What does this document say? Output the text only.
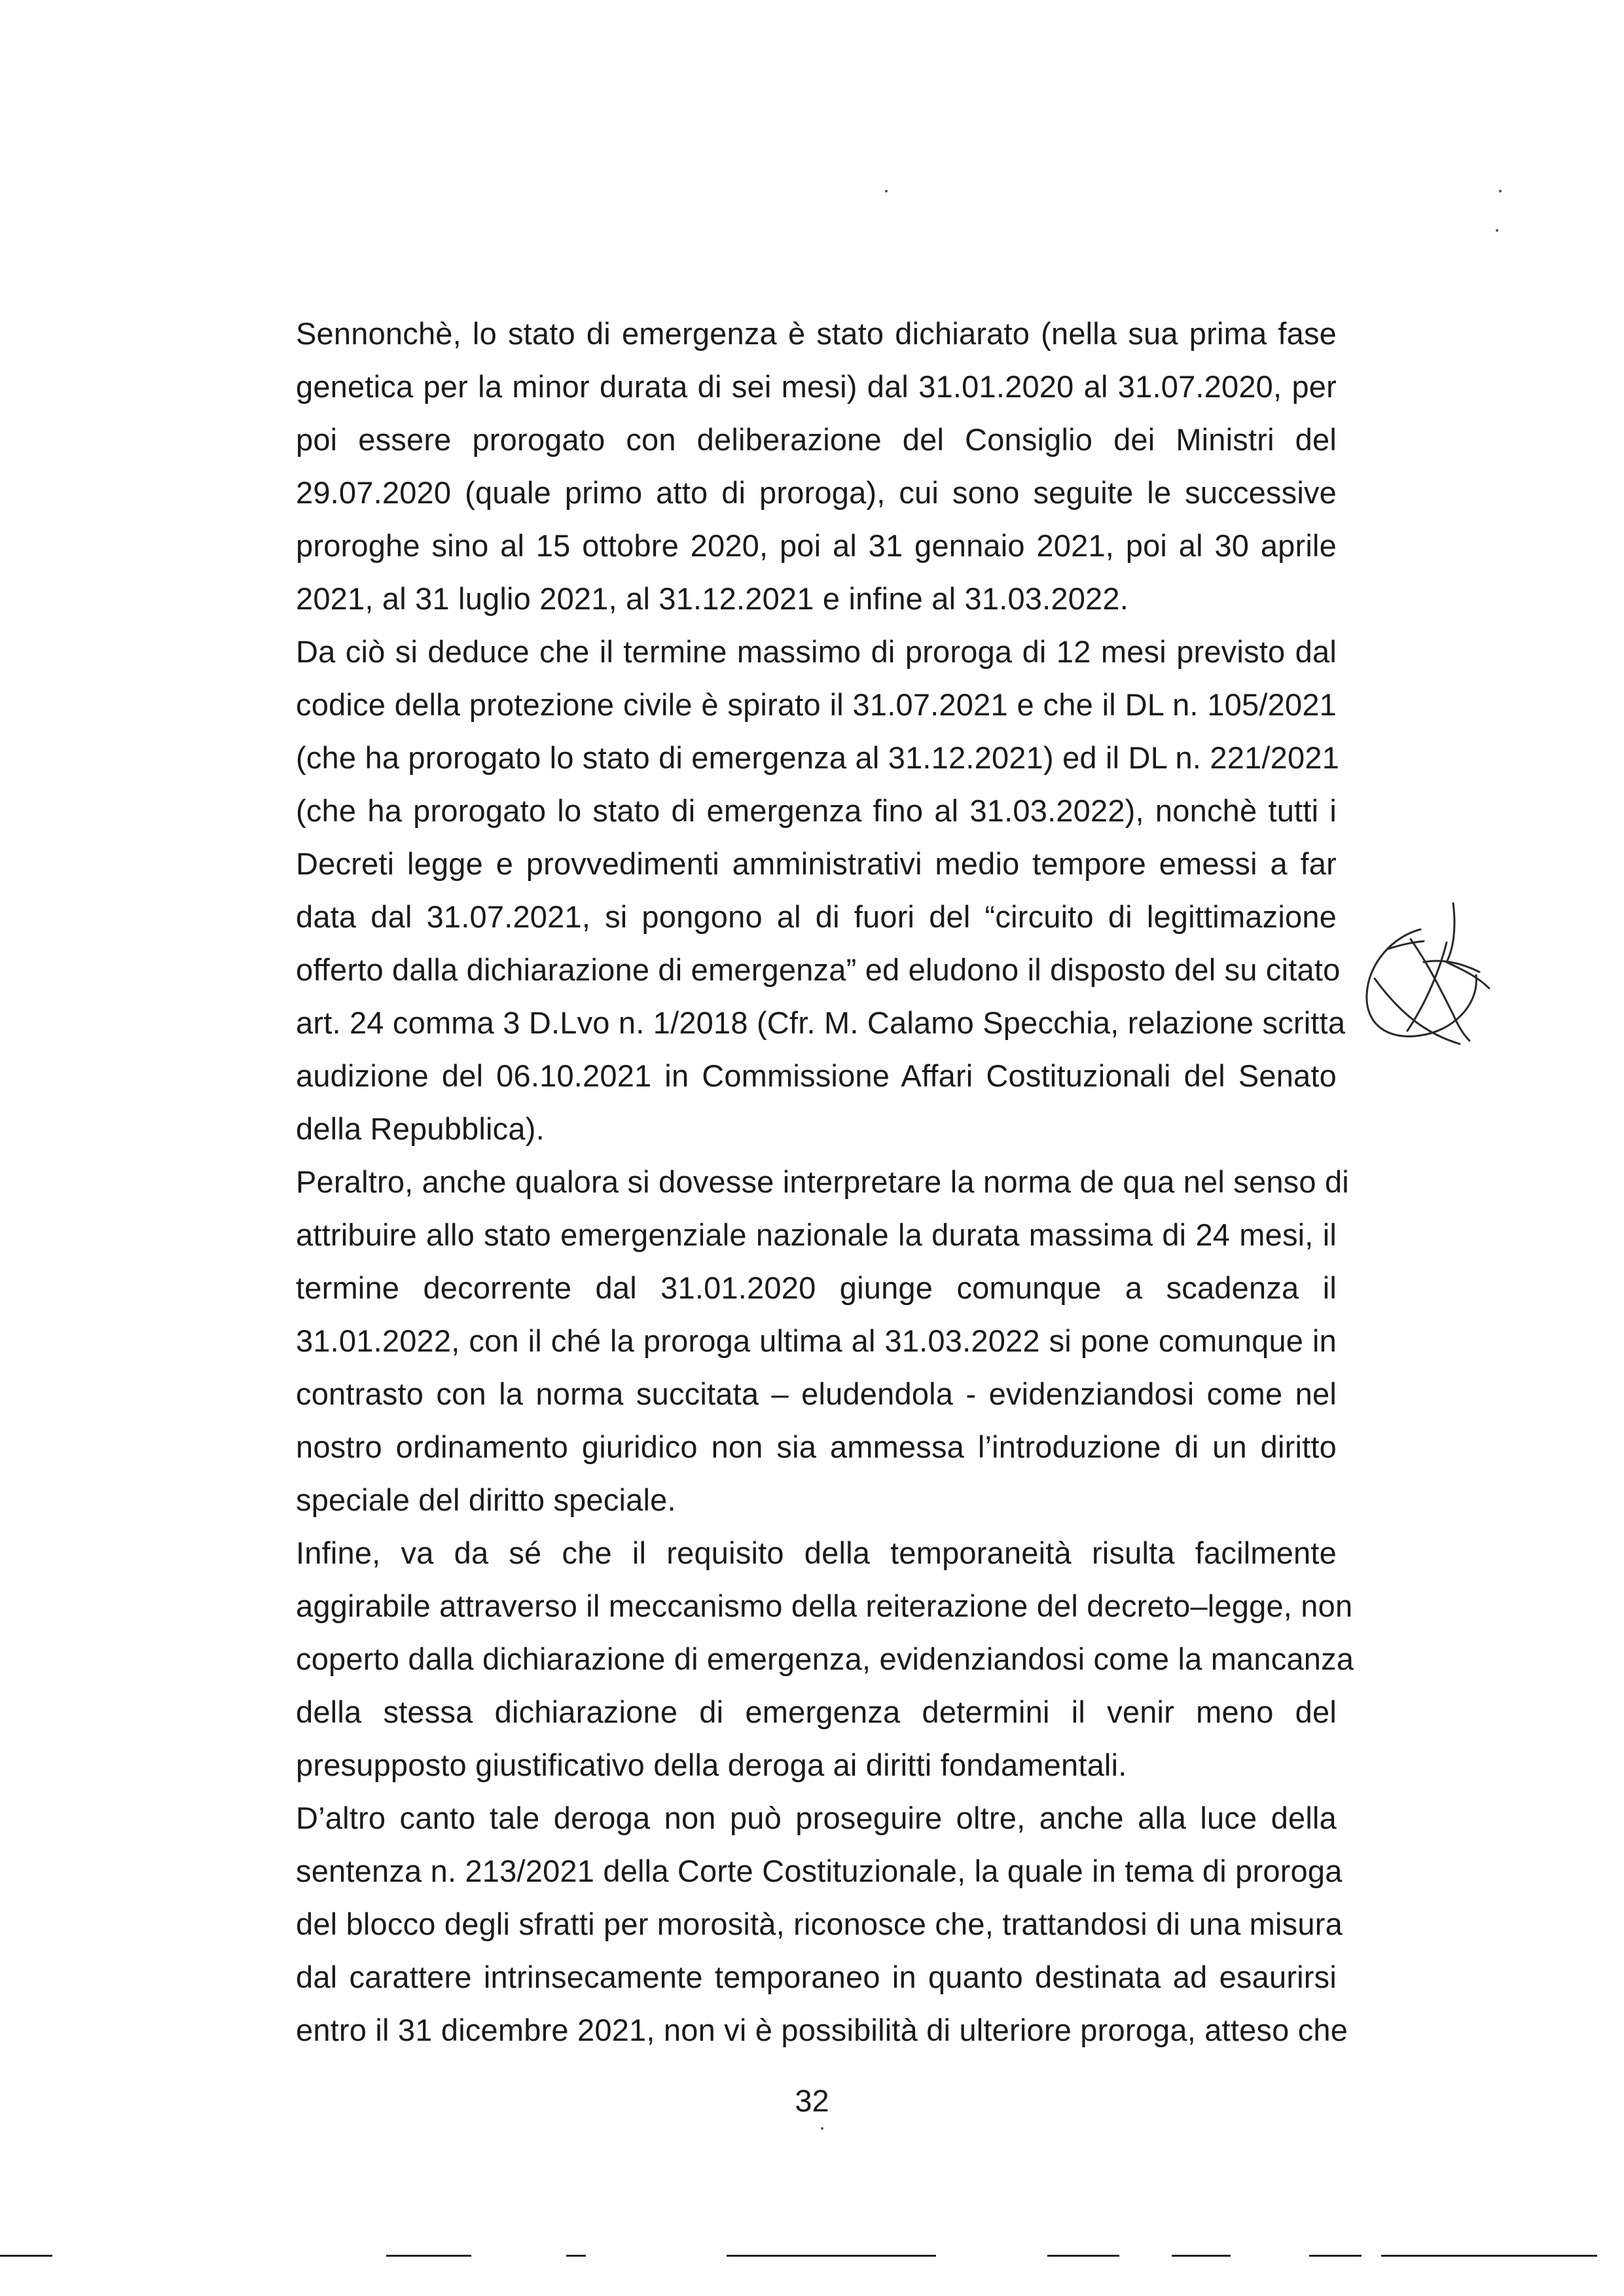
Sennonchè, lo stato di emergenza è stato dichiarato (nella sua prima fase
genetica per la minor durata di sei mesi) dal 31.01.2020 al 31.07.2020, per
poi essere prorogato con deliberazione del Consiglio dei Ministri del
29.07.2020 (quale primo atto di proroga), cui sono seguite le successive
proroghe sino al 15 ottobre 2020, poi al 31 gennaio 2021, poi al 30 aprile
2021, al 31 luglio 2021, al 31.12.2021 e infine al 31.03.2022.
Da ciò si deduce che il termine massimo di proroga di 12 mesi previsto dal
codice della protezione civile è spirato il 31.07.2021 e che il DL n. 105/2021
(che ha prorogato lo stato di emergenza al 31.12.2021) ed il DL n. 221/2021
(che ha prorogato lo stato di emergenza fino al 31.03.2022), nonchè tutti i
Decreti legge e provvedimenti amministrativi medio tempore emessi a far
data dal 31.07.2021, si pongono al di fuori del “circuito di legittimazione
offerto dalla dichiarazione di emergenza” ed eludono il disposto del su citato
art. 24 comma 3 D.Lvo n. 1/2018 (Cfr. M. Calamo Specchia, relazione scritta
audizione del 06.10.2021 in Commissione Affari Costituzionali del Senato
della Repubblica).
Peraltro, anche qualora si dovesse interpretare la norma de qua nel senso di
attribuire allo stato emergenziale nazionale la durata massima di 24 mesi, il
termine decorrente dal 31.01.2020 giunge comunque a scadenza il
31.01.2022, con il ché la proroga ultima al 31.03.2022 si pone comunque in
contrasto con la norma succitata – eludendola - evidenziandosi come nel
nostro ordinamento giuridico non sia ammessa l’introduzione di un diritto
speciale del diritto speciale.
Infine, va da sé che il requisito della temporaneità risulta facilmente
aggirabile attraverso il meccanismo della reiterazione del decreto–legge, non
coperto dalla dichiarazione di emergenza, evidenziandosi come la mancanza
della stessa dichiarazione di emergenza determini il venir meno del
presupposto giustificativo della deroga ai diritti fondamentali.
D’altro canto tale deroga non può proseguire oltre, anche alla luce della
sentenza n. 213/2021 della Corte Costituzionale, la quale in tema di proroga
del blocco degli sfratti per morosità, riconosce che, trattandosi di una misura
dal carattere intrinsecamente temporaneo in quanto destinata ad esaurirsi
entro il 31 dicembre 2021, non vi è possibilità di ulteriore proroga, atteso che
32
